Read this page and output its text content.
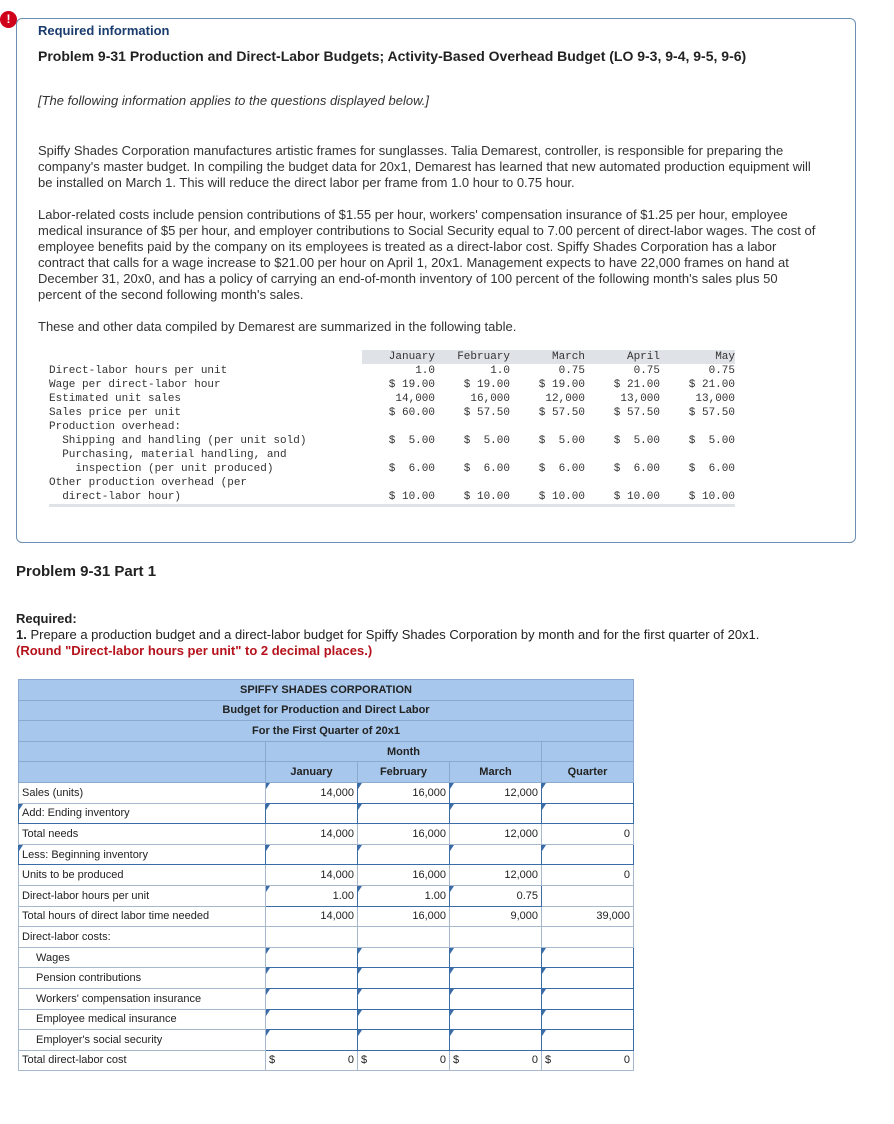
!
Required information
Problem 9-31 Production and Direct-Labor Budgets; Activity-Based Overhead Budget (LO 9-3, 9-4, 9-5, 9-6)
[The following information applies to the questions displayed below.]

Spiffy Shades Corporation manufactures artistic frames for sunglasses. Talia Demarest, controller, is responsible for preparing the company's master budget. In compiling the budget data for 20x1, Demarest has learned that new automated production equipment will be installed on March 1. This will reduce the direct labor per frame from 1.0 hour to 0.75 hour.

Labor-related costs include pension contributions of $1.55 per hour, workers' compensation insurance of $1.25 per hour, employee medical insurance of $5 per hour, and employer contributions to Social Security equal to 7.00 percent of direct-labor wages. The cost of employee benefits paid by the company on its employees is treated as a direct-labor cost. Spiffy Shades Corporation has a labor contract that calls for a wage increase to $21.00 per hour on April 1, 20x1. Management expects to have 22,000 frames on hand at December 31, 20x0, and has a policy of carrying an end-of-month inventory of 100 percent of the following month's sales plus 50 percent of the second following month's sales.

These and other data compiled by Demarest are summarized in the following table.

	January	February	March	April	May
Direct-labor hours per unit	1.0	1.0	0.75	0.75	0.75
Wage per direct-labor hour	$ 19.00	$ 19.00	$ 19.00	$ 21.00	$ 21.00
Estimated unit sales	14,000	16,000	12,000	13,000	13,000
Sales price per unit	$ 60.00	$ 57.50	$ 57.50	$ 57.50	$ 57.50
Production overhead:					
Shipping and handling (per unit sold)	$  5.00	$  5.00	$  5.00	$  5.00	$  5.00
Purchasing, material handling, and
inspection (per unit produced)	$  6.00	$  6.00	$  6.00	$  6.00	$  6.00
Other production overhead (per
direct-labor hour)	$ 10.00	$ 10.00	$ 10.00	$ 10.00	$ 10.00
Problem 9-31 Part 1
Required:
1. Prepare a production budget and a direct-labor budget for Spiffy Shades Corporation by month and for the first quarter of 20x1.
(Round "Direct-labor hours per unit" to 2 decimal places.)
SPIFFY SHADES CORPORATION				
Budget for Production and Direct Labor				
For the First Quarter of 20x1				
	Month			
	January	February	March	Quarter
Sales (units)	14,000	16,000	12,000	
Add: Ending inventory				
Total needs	14,000	16,000	12,000	0
Less: Beginning inventory				
Units to be produced	14,000	16,000	12,000	0
Direct-labor hours per unit	1.00	1.00	0.75	
Total hours of direct labor time needed	14,000	16,000	9,000	39,000
Direct-labor costs:				
Wages				
Pension contributions				
Workers' compensation insurance				
Employee medical insurance				
Employer's social security				
Total direct-labor cost	$ 0	$ 0	$ 0	$ 0
